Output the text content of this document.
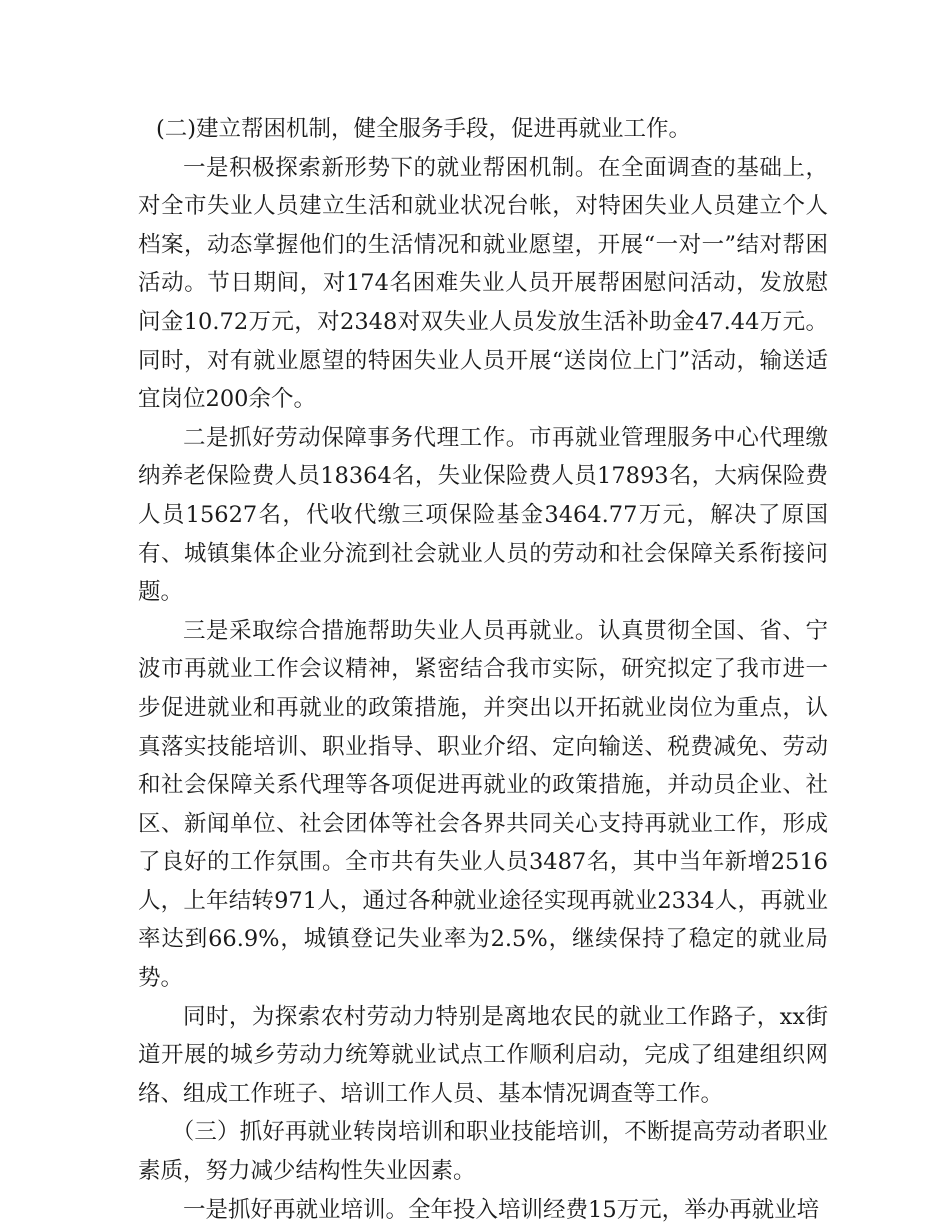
(二)建立帮困机制，健全服务手段，促进再就业工作。

一是积极探索新形势下的就业帮困机制。在全面调查的基础上，对全市失业人员建立生活和就业状况台帐，对特困失业人员建立个人档案，动态掌握他们的生活情况和就业愿望，开展“一对一”结对帮困活动。节日期间，对174名困难失业人员开展帮困慰问活动，发放慰问金10.72万元，对2348对双失业人员发放生活补助金47.44万元。同时，对有就业愿望的特困失业人员开展“送岗位上门”活动，输送适宜岗位200余个。

二是抓好劳动保障事务代理工作。市再就业管理服务中心代理缴纳养老保险费人员18364名，失业保险费人员17893名，大病保险费人员15627名，代收代缴三项保险基金3464.77万元，解决了原国有、城镇集体企业分流到社会就业人员的劳动和社会保障关系衔接问题。

三是采取综合措施帮助失业人员再就业。认真贯彻全国、省、宁波市再就业工作会议精神，紧密结合我市实际，研究拟定了我市进一步促进就业和再就业的政策措施，并突出以开拓就业岗位为重点，认真落实技能培训、职业指导、职业介绍、定向输送、税费减免、劳动和社会保障关系代理等各项促进再就业的政策措施，并动员企业、社区、新闻单位、社会团体等社会各界共同关心支持再就业工作，形成了良好的工作氛围。全市共有失业人员3487名，其中当年新增2516人，上年结转971人，通过各种就业途径实现再就业2334人，再就业率达到66.9%，城镇登记失业率为2.5%，继续保持了稳定的就业局势。

同时，为探索农村劳动力特别是离地农民的就业工作路子，xx街道开展的城乡劳动力统筹就业试点工作顺利启动，完成了组建组织网络、组成工作班子、培训工作人员、基本情况调查等工作。

（三）抓好再就业转岗培训和职业技能培训，不断提高劳动者职业素质，努力减少结构性失业因素。

一是抓好再就业培训。全年投入培训经费15万元，举办再就业培
